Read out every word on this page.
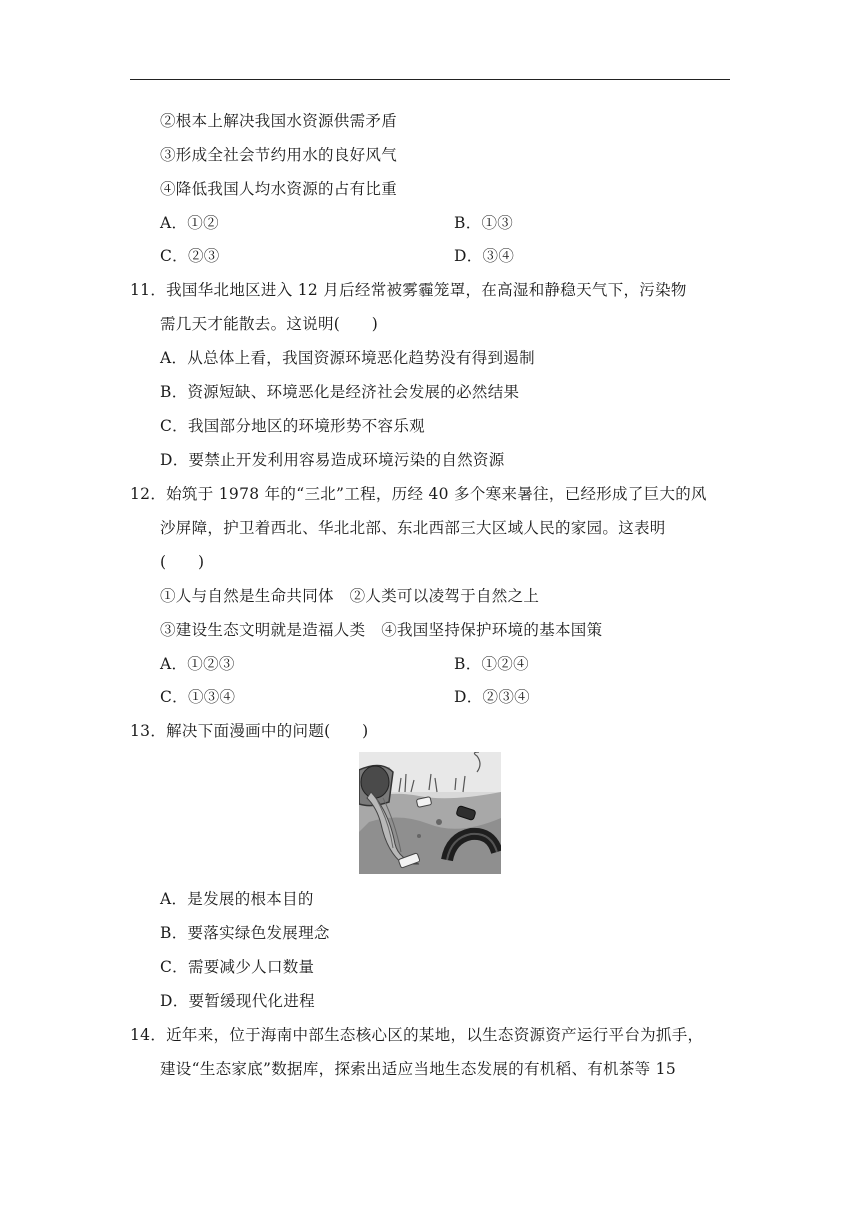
②根本上解决我国水资源供需矛盾
③形成全社会节约用水的良好风气
④降低我国人均水资源的占有比重
A．①②	B．①③
C．②③	D．③④
11．我国华北地区进入 12 月后经常被雾霾笼罩，在高湿和静稳天气下，污染物
需几天才能散去。这说明(　　)
A．从总体上看，我国资源环境恶化趋势没有得到遏制
B．资源短缺、环境恶化是经济社会发展的必然结果
C．我国部分地区的环境形势不容乐观
D．要禁止开发利用容易造成环境污染的自然资源
12．始筑于 1978 年的“三北”工程，历经 40 多个寒来暑往，已经形成了巨大的风
沙屏障，护卫着西北、华北北部、东北西部三大区域人民的家园。这表明
(　　)
①人与自然是生命共同体　②人类可以凌驾于自然之上
③建设生态文明就是造福人类　④我国坚持保护环境的基本国策
A．①②③	B．①②④
C．①③④	D．②③④
13．解决下面漫画中的问题(　　)
A．是发展的根本目的
B．要落实绿色发展理念
C．需要减少人口数量
D．要暂缓现代化进程
14．近年来，位于海南中部生态核心区的某地，以生态资源资产运行平台为抓手，
建设“生态家底”数据库，探索出适应当地生态发展的有机稻、有机茶等 15
